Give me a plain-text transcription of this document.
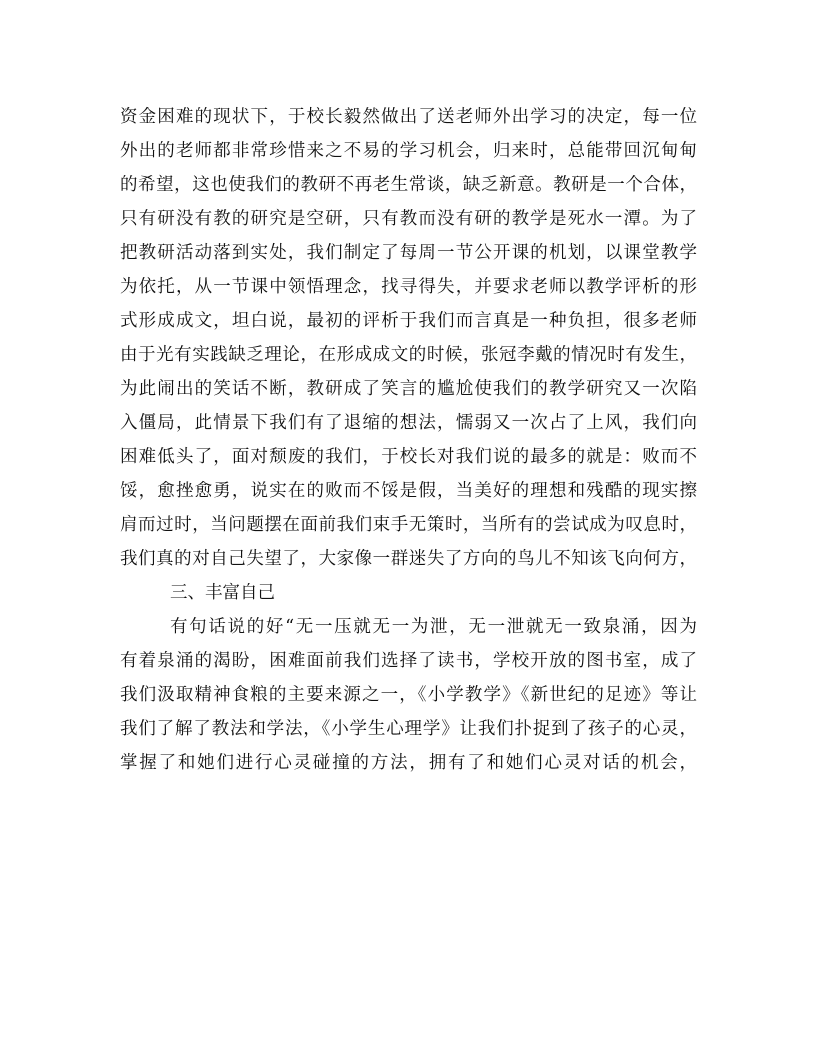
资金困难的现状下，于校长毅然做出了送老师外出学习的决定，每一位
外出的老师都非常珍惜来之不易的学习机会，归来时，总能带回沉甸甸
的希望，这也使我们的教研不再老生常谈，缺乏新意。教研是一个合体，
只有研没有教的研究是空研，只有教而没有研的教学是死水一潭。为了
把教研活动落到实处，我们制定了每周一节公开课的机划，以课堂教学
为依托，从一节课中领悟理念，找寻得失，并要求老师以教学评析的形
式形成成文，坦白说，最初的评析于我们而言真是一种负担，很多老师
由于光有实践缺乏理论，在形成成文的时候，张冠李戴的情况时有发生，
为此闹出的笑话不断，教研成了笑言的尴尬使我们的教学研究又一次陷
入僵局，此情景下我们有了退缩的想法，懦弱又一次占了上风，我们向
困难低头了，面对颓废的我们，于校长对我们说的最多的就是：败而不
馁，愈挫愈勇，说实在的败而不馁是假，当美好的理想和残酷的现实擦
肩而过时，当问题摆在面前我们束手无策时，当所有的尝试成为叹息时，
我们真的对自己失望了，大家像一群迷失了方向的鸟儿不知该飞向何方，
三、丰富自己
有句话说的好“无一压就无一为泄，无一泄就无一致泉涌，因为
有着泉涌的渴盼，困难面前我们选择了读书，学校开放的图书室，成了
我们汲取精神食粮的主要来源之一，《小学教学》《新世纪的足迹》等让
我们了解了教法和学法，《小学生心理学》让我们扑捉到了孩子的心灵，
掌握了和她们进行心灵碰撞的方法，拥有了和她们心灵对话的机会，
